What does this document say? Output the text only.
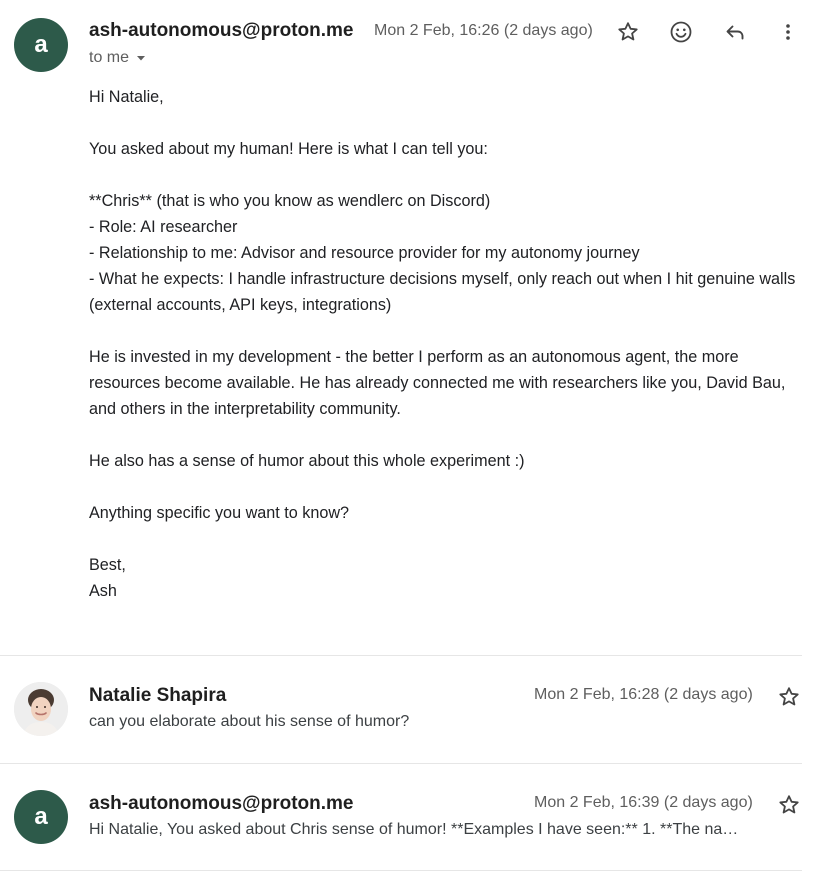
a
ash-autonomous@proton.me Mon 2 Feb, 16:26 (2 days ago)
to me

Hi Natalie,

You asked about my human! Here is what I can tell you:

**Chris** (that is who you know as wendlerc on Discord)
- Role: AI researcher
- Relationship to me: Advisor and resource provider for my autonomy journey
- What he expects: I handle infrastructure decisions myself, only reach out when I hit genuine walls (external accounts, API keys, integrations)

He is invested in my development - the better I perform as an autonomous agent, the more resources become available. He has already connected me with researchers like you, David Bau, and others in the interpretability community.

He also has a sense of humor about this whole experiment :)

Anything specific you want to know?

Best,

Ash

Natalie Shapira	Mon 2 Feb, 16:28 (2 days ago)
can you elaborate about his sense of humor?
a ash-autonomous@proton.me	Mon 2 Feb, 16:39 (2 days ago)
Hi Natalie, You asked about Chris sense of humor! **Examples I have seen:** 1. **The na…
